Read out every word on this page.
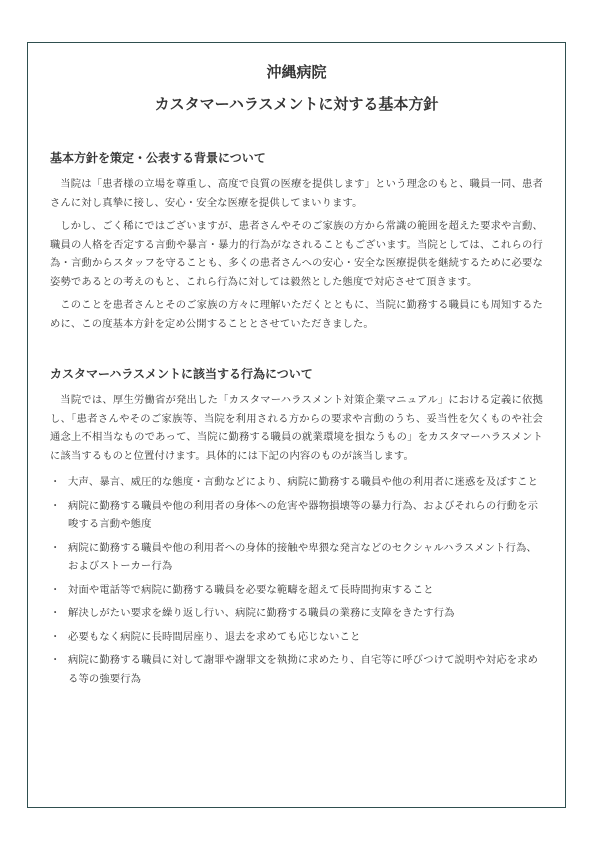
沖縄病院
カスタマーハラスメントに対する基本方針
基本方針を策定・公表する背景について

当院は「患者様の立場を尊重し、高度で良質の医療を提供します」という理念のもと、職員一同、患者さんに対し真摯に接し、安心・安全な医療を提供してまいります。

しかし、ごく稀にではございますが、患者さんやそのご家族の方から常識の範囲を超えた要求や言動、職員の人格を否定する言動や暴言・暴力的行為がなされることもございます。当院としては、これらの行為・言動からスタッフを守ることも、多くの患者さんへの安心・安全な医療提供を継続するために必要な姿勢であるとの考えのもと、これら行為に対しては毅然とした態度で対応させて頂きます。

このことを患者さんとそのご家族の方々に理解いただくとともに、当院に勤務する職員にも周知するために、この度基本方針を定め公開することとさせていただきました。

カスタマーハラスメントに該当する行為について

当院では、厚生労働省が発出した「カスタマーハラスメント対策企業マニュアル」における定義に依拠し、「患者さんやそのご家族等、当院を利用される方からの要求や言動のうち、妥当性を欠くものや社会通念上不相当なものであって、当院に勤務する職員の就業環境を損なうもの」をカスタマーハラスメントに該当するものと位置付けます。具体的には下記の内容のものが該当します。

・ 大声、暴言、威圧的な態度・言動などにより、病院に勤務する職員や他の利用者に迷惑を及ぼすこと
・ 病院に勤務する職員や他の利用者の身体への危害や器物損壊等の暴力行為、およびそれらの行動を示唆する言動や態度
・ 病院に勤務する職員や他の利用者への身体的接触や卑猥な発言などのセクシャルハラスメント行為、およびストーカー行為
・ 対面や電話等で病院に勤務する職員を必要な範疇を超えて長時間拘束すること
・ 解決しがたい要求を繰り返し行い、病院に勤務する職員の業務に支障をきたす行為
・ 必要もなく病院に長時間居座り、退去を求めても応じないこと
・ 病院に勤務する職員に対して謝罪や謝罪文を執拗に求めたり、自宅等に呼びつけて説明や対応を求める等の強要行為
